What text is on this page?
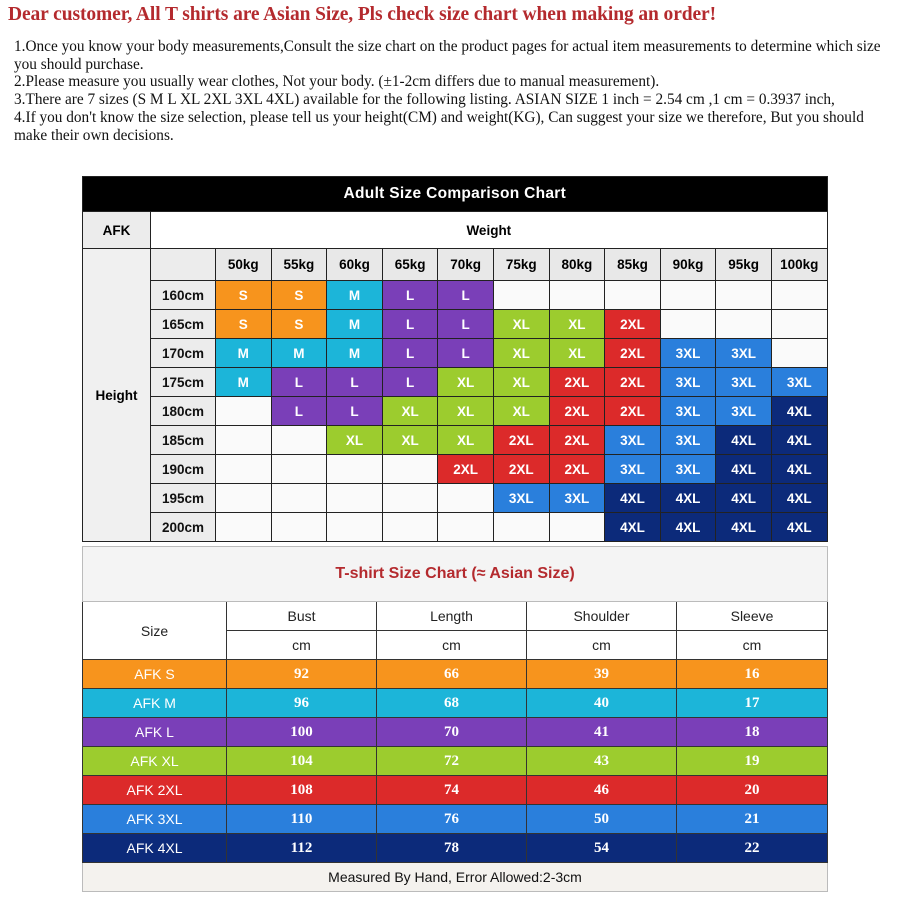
Dear customer, All T shirts are Asian Size, Pls check size chart when making an order!

1.Once you know your body measurements,Consult the size chart on the product pages for actual item measurements to determine which size you should purchase.

2.Please measure you usually wear clothes, Not your body. (±1-2cm differs due to manual measurement).

3.There are 7 sizes (S M L XL 2XL 3XL 4XL) available for the following listing. ASIAN SIZE 1 inch = 2.54 cm ,1 cm = 0.3937 inch,

4.If you don't know the size selection, please tell us your height(CM) and weight(KG), Can suggest your size we therefore, But you should make their own decisions.

Adult Size Comparison Chart												
AFK	Weight											
Height		50kg	55kg	60kg	65kg	70kg	75kg	80kg	85kg	90kg	95kg	100kg
	160cm	S	S	M	L	L						
	165cm	S	S	M	L	L	XL	XL	2XL			
	170cm	M	M	M	L	L	XL	XL	2XL	3XL	3XL	
	175cm	M	L	L	L	XL	XL	2XL	2XL	3XL	3XL	3XL
	180cm		L	L	XL	XL	XL	2XL	2XL	3XL	3XL	4XL
	185cm			XL	XL	XL	2XL	2XL	3XL	3XL	4XL	4XL
	190cm					2XL	2XL	2XL	3XL	3XL	4XL	4XL
	195cm						3XL	3XL	4XL	4XL	4XL	4XL
	200cm								4XL	4XL	4XL	4XL
T-shirt Size Chart (≈ Asian Size)				
Size	Bust	Length	Shoulder	Sleeve
	cm	cm	cm	cm
AFK S	92	66	39	16
AFK M	96	68	40	17
AFK L	100	70	41	18
AFK XL	104	72	43	19
AFK 2XL	108	74	46	20
AFK 3XL	110	76	50	21
AFK 4XL	112	78	54	22
Measured By Hand, Error Allowed:2-3cm				
